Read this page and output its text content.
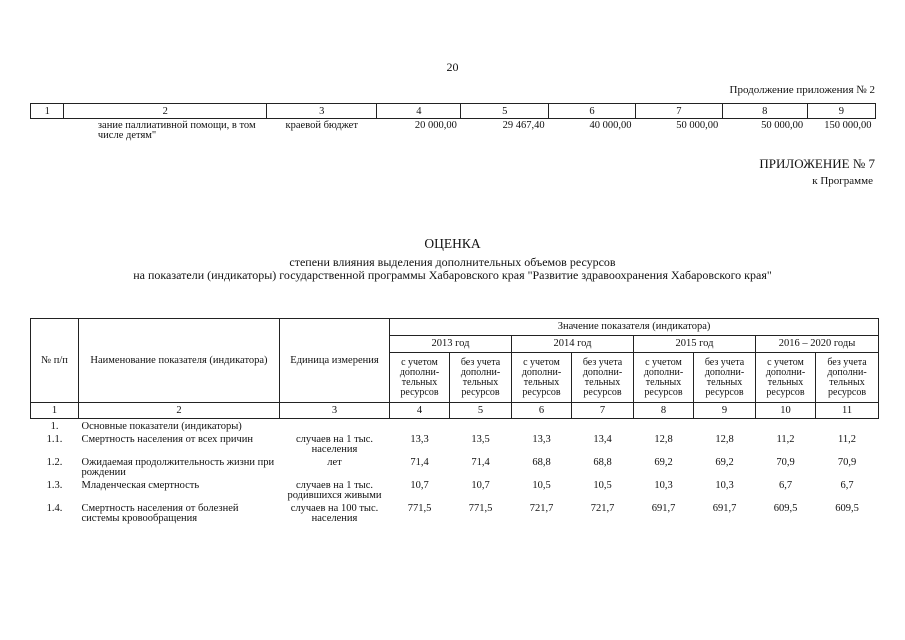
20
Продолжение приложения № 2
1	2	3	4	5	6	7	8	9
	зание паллиативной помощи, в том числе детям"	краевой бюджет	20 000,00	29 467,40	40 000,00	50 000,00	50 000,00	150 000,00
ПРИЛОЖЕНИЕ № 7
к Программе
ОЦЕНКА
степени влияния выделения дополнительных объемов ресурсов
на показатели (индикаторы) государственной программы Хабаровского края "Развитие здравоохранения Хабаровского края"
№ п/п	Наименование показателя (индикатора)	Единица измерения	Значение показателя (индикатора)							
			2013 год		2014 год		2015 год		2016 – 2020 годы	
			с учетом дополни- тельных ресурсов	без учета дополни- тельных ресурсов	с учетом дополни- тельных ресурсов	без учета дополни- тельных ресурсов	с учетом дополни- тельных ресурсов	без учета дополни- тельных ресурсов	с учетом дополни- тельных ресурсов	без учета дополни- тельных ресурсов
1	2	3	4	5	6	7	8	9	10	11
1.	Основные показатели (индикаторы)									
1.1.	Смертность населения от всех причин	случаев на 1 тыс. населения	13,3	13,5	13,3	13,4	12,8	12,8	11,2	11,2
1.2.	Ожидаемая продолжительность жизни при рождении	лет	71,4	71,4	68,8	68,8	69,2	69,2	70,9	70,9
1.3.	Младенческая смертность	случаев на 1 тыс. родившихся живыми	10,7	10,7	10,5	10,5	10,3	10,3	6,7	6,7
1.4.	Смертность населения от болезней системы кровообращения	случаев на 100 тыс. населения	771,5	771,5	721,7	721,7	691,7	691,7	609,5	609,5
